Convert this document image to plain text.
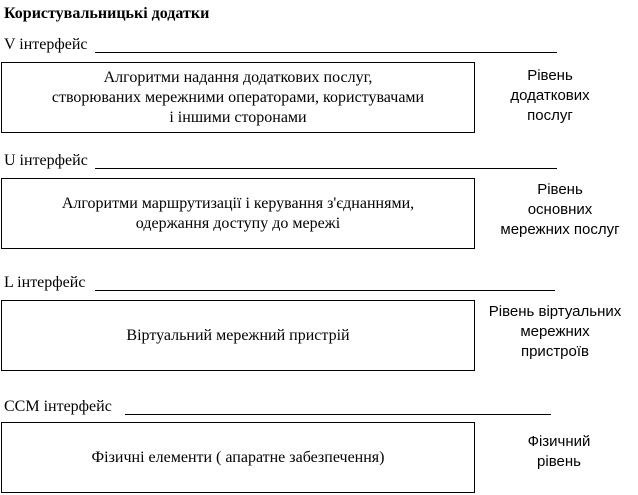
Користувальницькі додатки
V інтерфейс
Алгоритми надання додаткових послуг,
створюваних мережними операторами, користувачами
і іншими сторонами
Рівень
додаткових
послуг
U інтерфейс
Алгоритми маршрутизації і керування з'єднаннями,
одержання доступу до мережі
Рівень
основних
мережних послуг
L інтерфейс
Віртуальний мережний пристрій
Рівень віртуальних
мережних
пристроїв
CCM інтерфейс
Фізичні елементи ( апаратне забезпечення)
Фізичний
рівень
